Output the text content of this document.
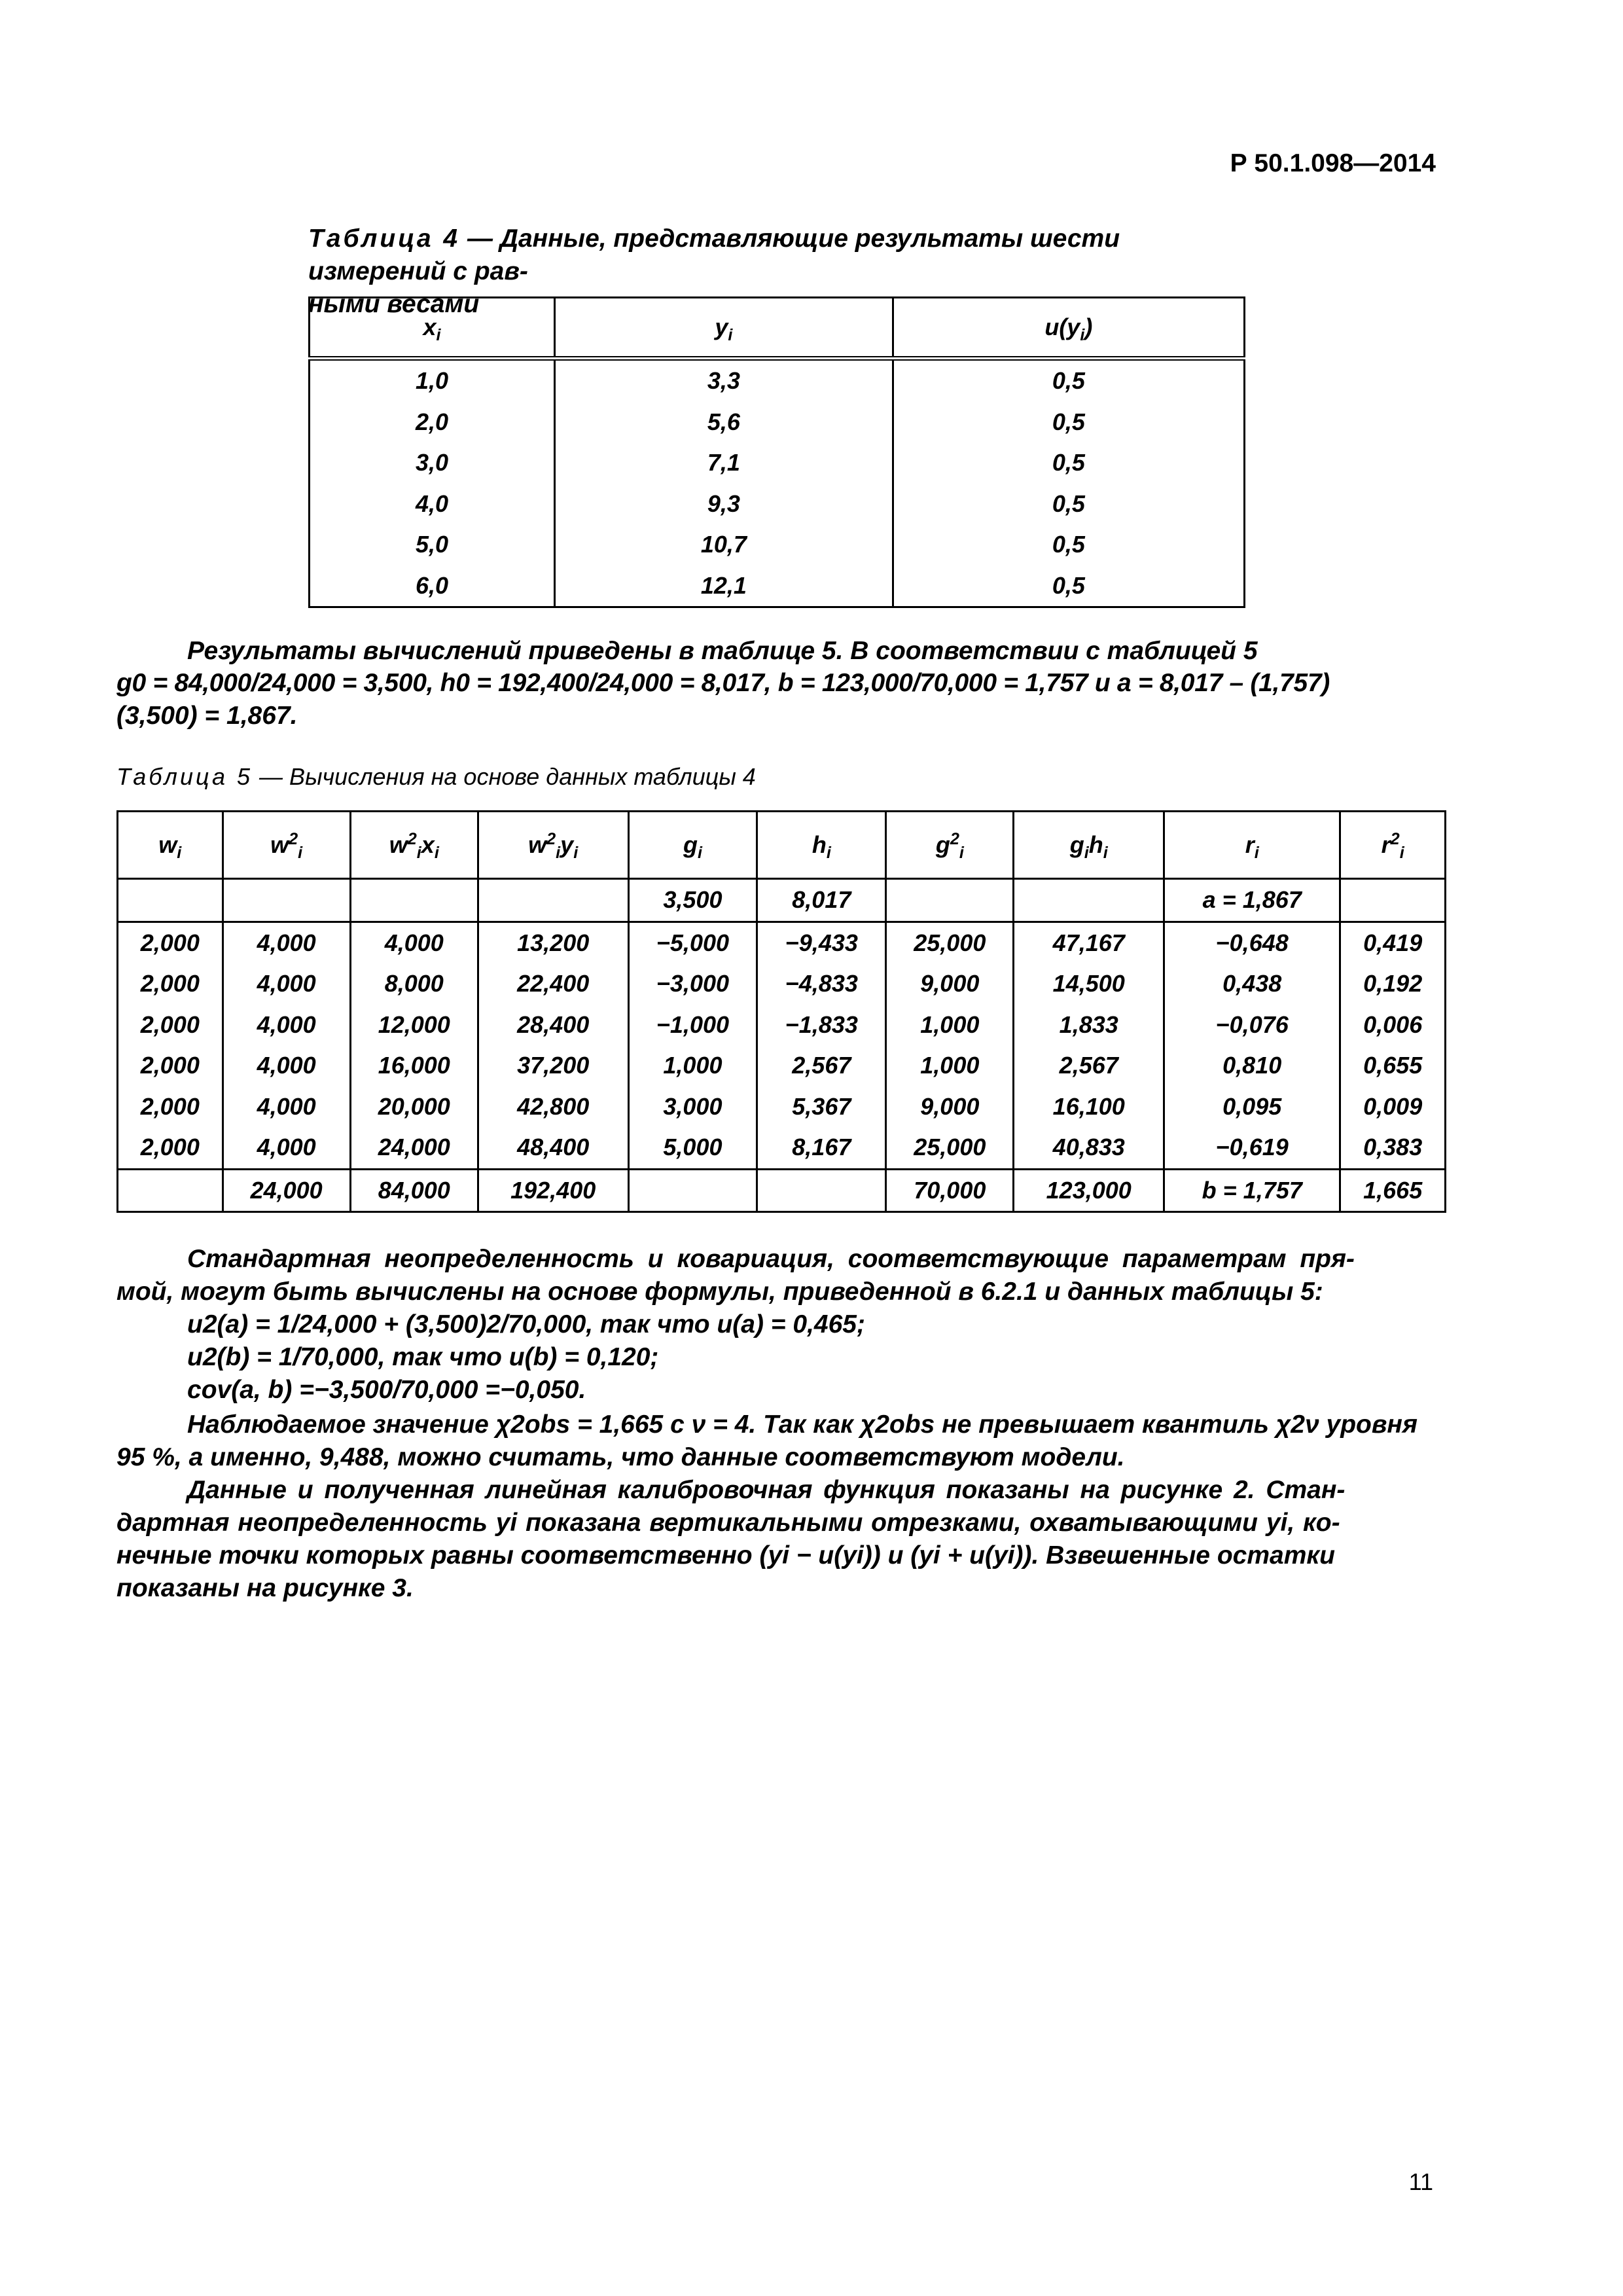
Р 50.1.098—2014
Таблица 4 — Данные, представляющие результаты шести измерений с рав-
ными весами
$x_i$	$y_i$	$u(y_i)$
1,0	3,3	0,5
2,0	5,6	0,5
3,0	7,1	0,5
4,0	9,3	0,5
5,0	10,7	0,5
6,0	12,1	0,5
Результаты вычислений приведены в таблице 5. В соответствии с таблицей 5
g0 = 84,000/24,000 = 3,500, h0 = 192,400/24,000 = 8,017, b = 123,000/70,000 = 1,757 и a = 8,017 – (1,757)
(3,500) = 1,867.
Таблица 5 — Вычисления на основе данных таблицы 4
$w_i$	$w^2_i$	$w^2_ix_i$	$w^2_iy_i$	$g_i$	$h_i$	$g^2_i$	$g_ih_i$	$r_i$	$r^2_i$
				3,500	8,017			a = 1,867	
2,000	4,000	4,000	13,200	−5,000	−9,433	25,000	47,167	−0,648	0,419
2,000	4,000	8,000	22,400	−3,000	−4,833	9,000	14,500	0,438	0,192
2,000	4,000	12,000	28,400	−1,000	−1,833	1,000	1,833	−0,076	0,006
2,000	4,000	16,000	37,200	1,000	2,567	1,000	2,567	0,810	0,655
2,000	4,000	20,000	42,800	3,000	5,367	9,000	16,100	0,095	0,009
2,000	4,000	24,000	48,400	5,000	8,167	25,000	40,833	−0,619	0,383
	24,000	84,000	192,400			70,000	123,000	b = 1,757	1,665
Стандартная неопределенность и ковариация, соответствующие параметрам пря-
мой, могут быть вычислены на основе формулы, приведенной в 6.2.1 и данных таблицы 5:
u2(a) = 1/24,000 + (3,500)2/70,000, так что u(a) = 0,465;
u2(b) = 1/70,000, так что u(b) = 0,120;
cov(a, b) =−3,500/70,000 =−0,050.
Наблюдаемое значение χ2obs = 1,665 с ν = 4. Так как χ2obs не превышает квантиль χ2ν уровня
95 %, а именно, 9,488, можно считать, что данные соответствуют модели.
Данные и полученная линейная калибровочная функция показаны на рисунке 2. Стан-
дартная неопределенность yi показана вертикальными отрезками, охватывающими yi, ко-
нечные точки которых равны соответственно (yi − u(yi)) и (yi + u(yi)). Взвешенные остатки
показаны на рисунке 3.
11
